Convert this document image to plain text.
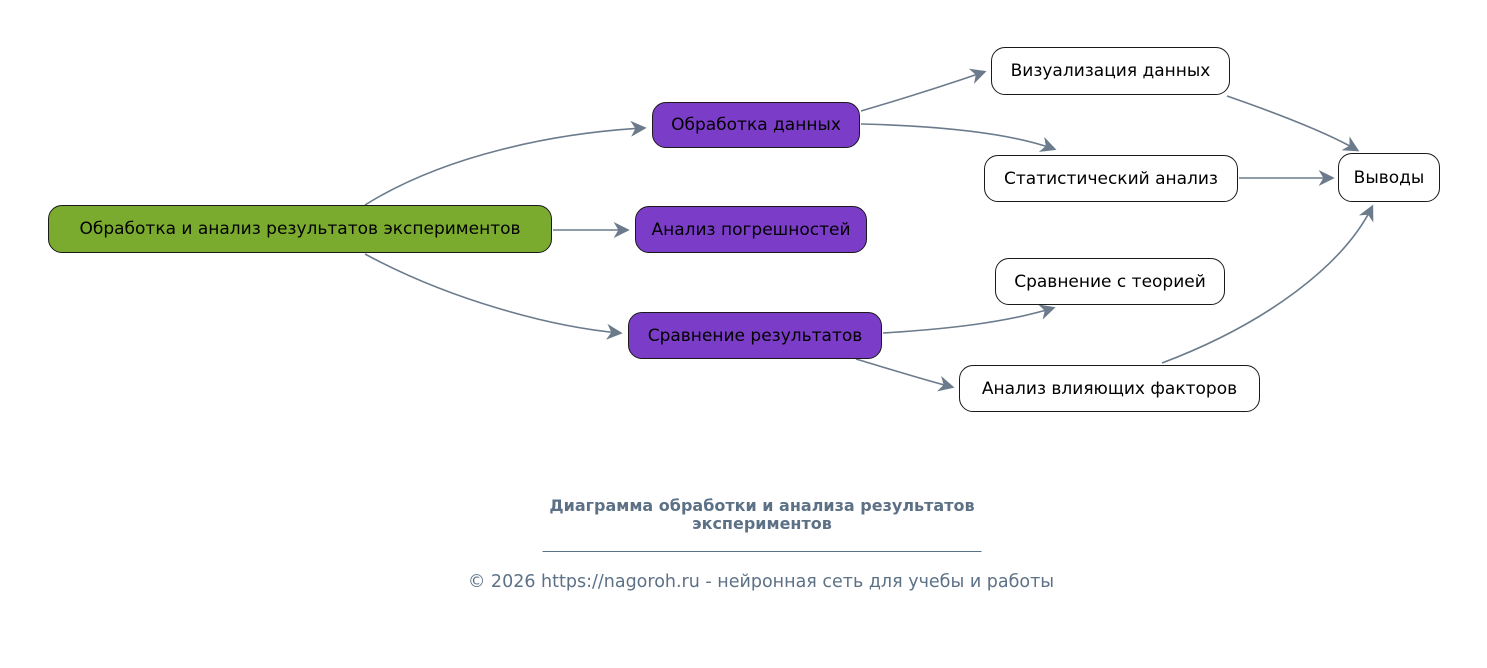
Обработка и анализ результатов экспериментов
Обработка данных
Анализ погрешностей
Сравнение результатов
Визуализация данных
Статистический анализ
Сравнение с теорией
Анализ влияющих факторов
Выводы
Диаграмма обработки и анализа результатов
экспериментов
© 2026 https://nagoroh.ru - нейронная сеть для учебы и работы
